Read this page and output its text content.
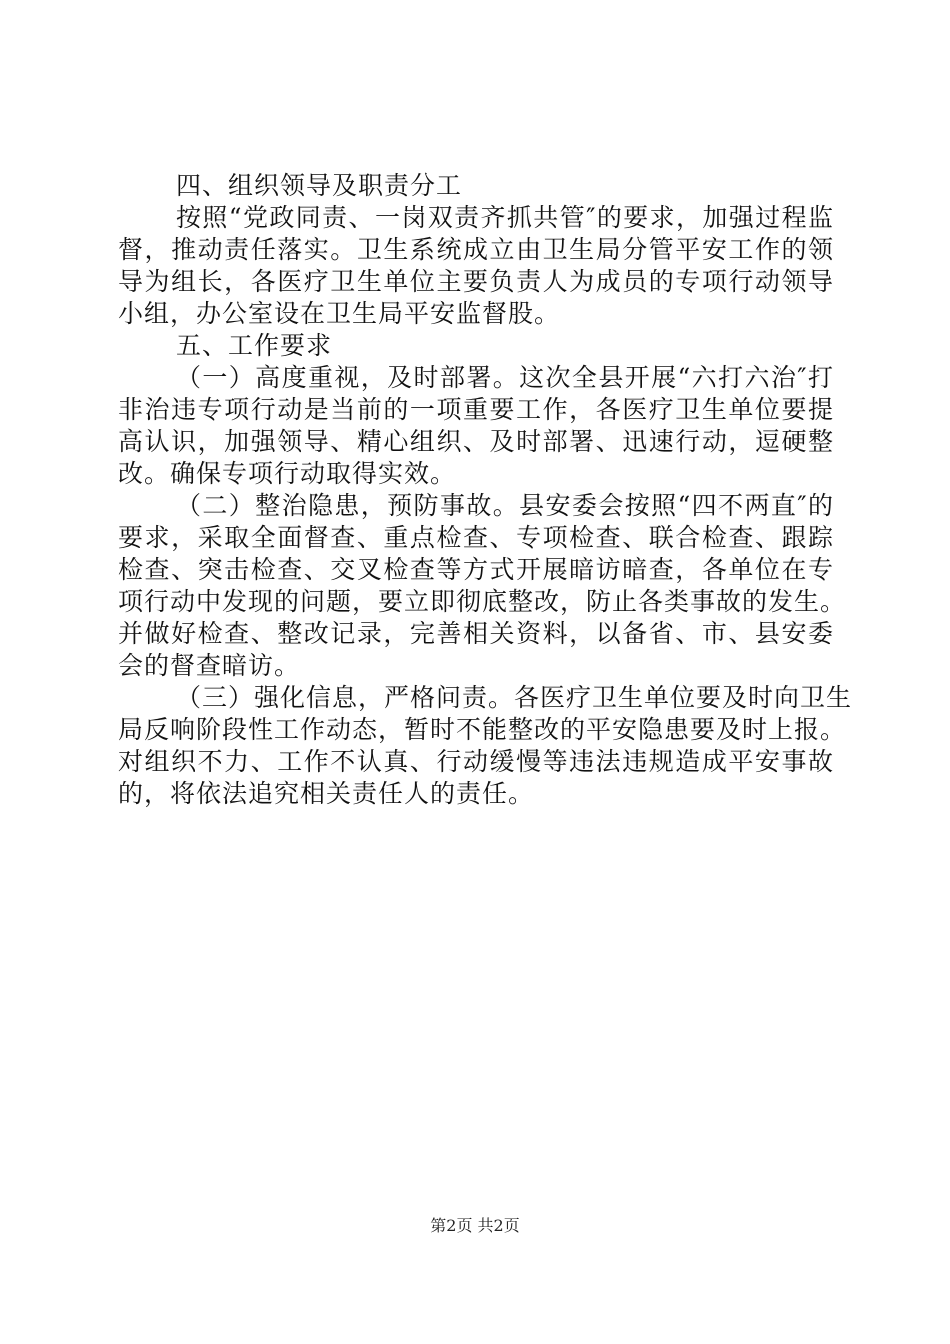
四、组织领导及职责分工
按照“党政同责、一岗双责齐抓共管″的要求，加强过程监
督，推动责任落实。卫生系统成立由卫生局分管平安工作的领
导为组长，各医疗卫生单位主要负责人为成员的专项行动领导
小组，办公室设在卫生局平安监督股。
五、工作要求
（一）高度重视，及时部署。这次全县开展“六打六治″打
非治违专项行动是当前的一项重要工作，各医疗卫生单位要提
高认识，加强领导、精心组织、及时部署、迅速行动，逗硬整
改。确保专项行动取得实效。
（二）整治隐患，预防事故。县安委会按照“四不两直″的
要求，采取全面督查、重点检查、专项检查、联合检查、跟踪
检查、突击检查、交叉检查等方式开展暗访暗查，各单位在专
项行动中发现的问题，要立即彻底整改，防止各类事故的发生。
并做好检查、整改记录，完善相关资料，以备省、市、县安委
会的督查暗访。
（三）强化信息，严格问责。各医疗卫生单位要及时向卫生
局反响阶段性工作动态，暂时不能整改的平安隐患要及时上报。
对组织不力、工作不认真、行动缓慢等违法违规造成平安事故
的，将依法追究相关责任人的责任。
第2页 共2页
